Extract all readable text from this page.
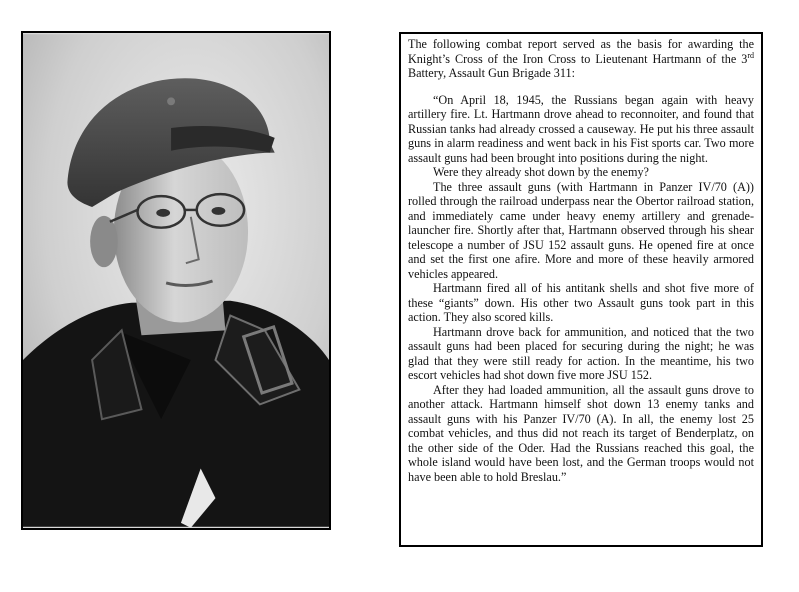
The following combat report served as the basis for awarding the Knight’s Cross of the Iron Cross to Lieutenant Hartmann of the 3rd Battery, Assault Gun Brigade 311:

“On April 18, 1945, the Russians began again with heavy artillery fire. Lt. Hartmann drove ahead to reconnoiter, and found that Russian tanks had already crossed a causeway. He put his three assault guns in alarm readiness and went back in his Fist sports car. Two more assault guns had been brought into positions during the night.

Were they already shot down by the enemy?

The three assault guns (with Hartmann in Panzer IV/70 (A)) rolled through the railroad underpass near the Obertor railroad station, and immediately came under heavy enemy artillery and grenade-launcher fire. Shortly after that, Hartmann observed through his shear telescope a number of JSU 152 assault guns. He opened fire at once and set the first one afire. More and more of these heavily armored vehicles appeared.

Hartmann fired all of his antitank shells and shot five more of these “giants” down. His other two Assault guns took part in this action. They also scored kills.

Hartmann drove back for ammunition, and noticed that the two assault guns had been placed for securing during the night; he was glad that they were still ready for action. In the meantime, his two escort vehicles had shot down five more JSU 152.

After they had loaded ammunition, all the assault guns drove to another attack. Hartmann himself shot down 13 enemy tanks and assault guns with his Panzer IV/70 (A). In all, the enemy lost 25 combat vehicles, and thus did not reach its target of Benderplatz, on the other side of the Oder. Had the Russians reached this goal, the whole island would have been lost, and the German troops would not have been able to hold Breslau.”
